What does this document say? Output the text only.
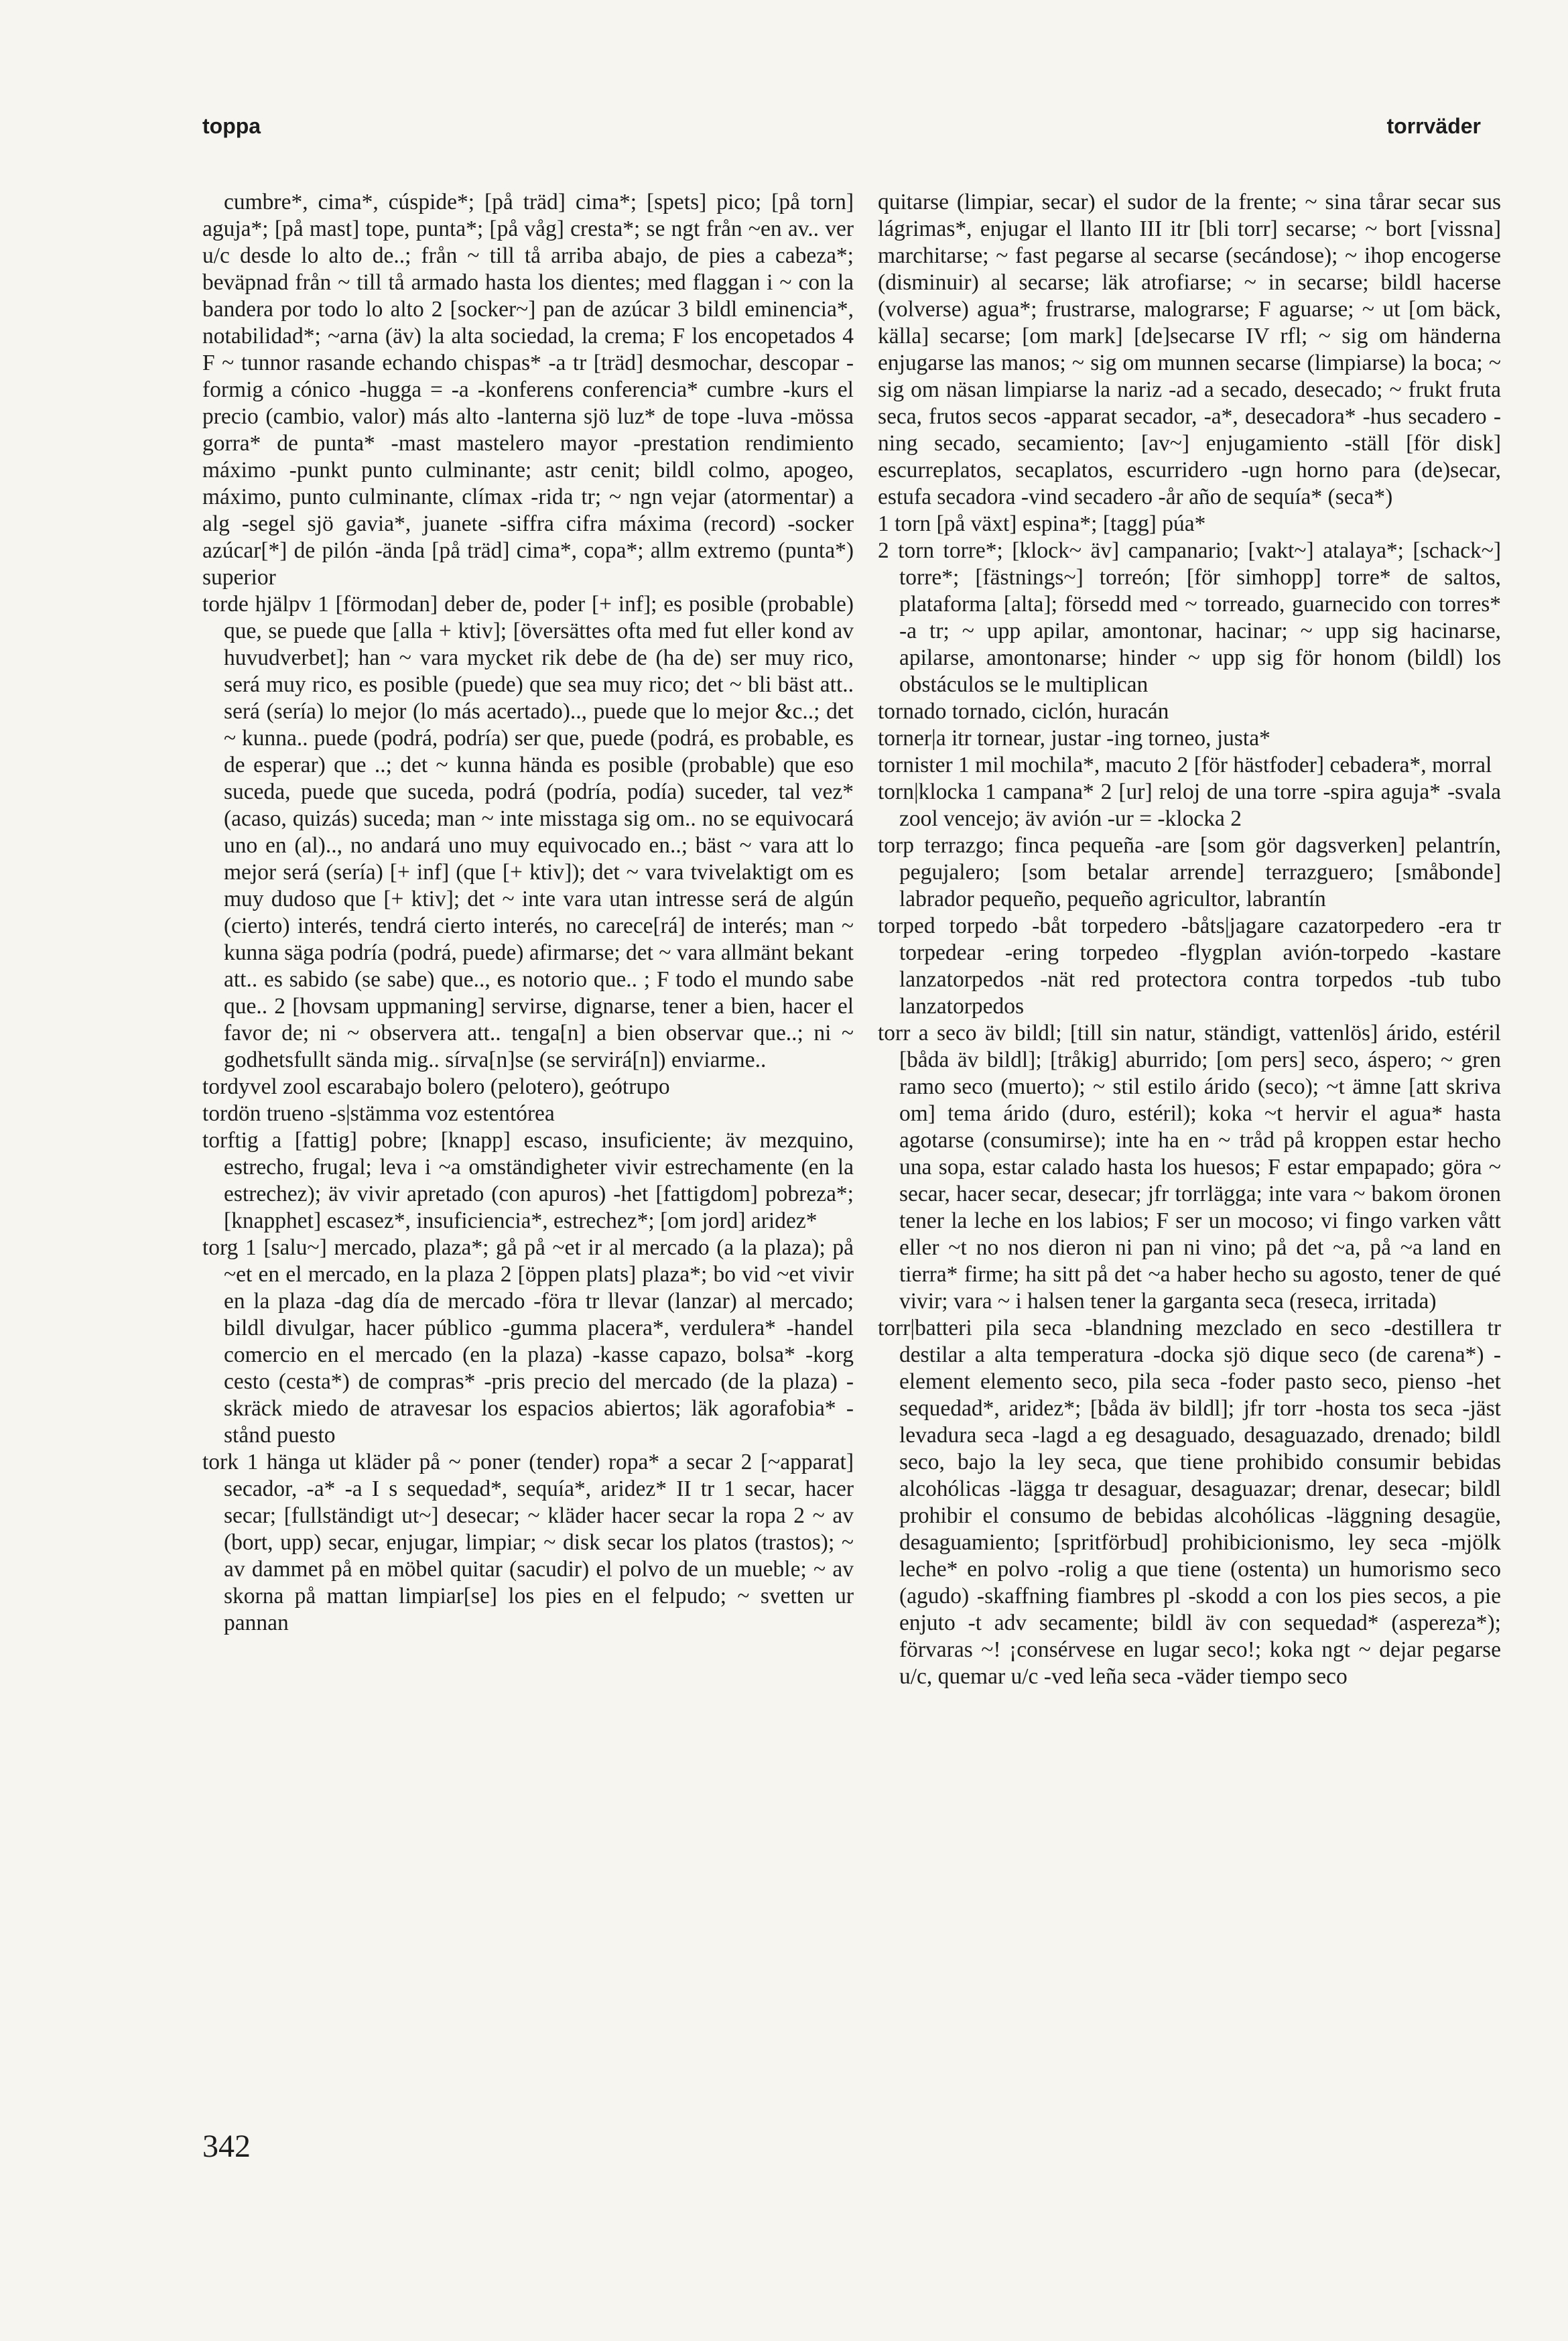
toppa	torrväder

cumbre*, cima*, cúspide*; [på träd] cima*; [spets] pico; [på torn] aguja*; [på mast] tope, punta*; [på våg] cresta*; se ngt från ~en av.. ver u/c desde lo alto de..; från ~ till tå arriba abajo, de pies a cabeza*; beväpnad från ~ till tå armado hasta los dientes; med flaggan i ~ con la bandera por todo lo alto 2 [socker~] pan de azúcar 3 bildl eminencia*, notabilidad*; ~arna (äv) la alta sociedad, la crema; F los encopetados 4 F ~ tunnor rasande echando chispas* -a tr [träd] desmochar, descopar -formig a cónico -hugga = -a -konferens conferencia* cumbre -kurs el precio (cambio, valor) más alto -lanterna sjö luz* de tope -luva -mössa gorra* de punta* -mast mastelero mayor -prestation rendimiento máximo -punkt punto culminante; astr cenit; bildl colmo, apogeo, máximo, punto culminante, clímax -rida tr; ~ ngn vejar (atormentar) a alg -segel sjö gavia*, juanete -siffra cifra máxima (record) -socker azúcar[*] de pilón -ända [på träd] cima*, copa*; allm extremo (punta*) superior

torde hjälpv 1 [förmodan] deber de, poder [+ inf]; es posible (probable) que, se puede que [alla + ktiv]; [översättes ofta med fut eller kond av huvudverbet]; han ~ vara mycket rik debe de (ha de) ser muy rico, será muy rico, es posible (puede) que sea muy rico; det ~ bli bäst att.. será (sería) lo mejor (lo más acertado).., puede que lo mejor &c..; det ~ kunna.. puede (podrá, podría) ser que, puede (podrá, es probable, es de esperar) que ..; det ~ kunna hända es posible (probable) que eso suceda, puede que suceda, podrá (podría, podía) suceder, tal vez* (acaso, quizás) suceda; man ~ inte misstaga sig om.. no se equivocará uno en (al).., no andará uno muy equivocado en..; bäst ~ vara att lo mejor será (sería) [+ inf] (que [+ ktiv]); det ~ vara tvivelaktigt om es muy dudoso que [+ ktiv]; det ~ inte vara utan intresse será de algún (cierto) interés, tendrá cierto interés, no carece[rá] de interés; man ~ kunna säga podría (podrá, puede) afirmarse; det ~ vara allmänt bekant att.. es sabido (se sabe) que.., es notorio que.. ; F todo el mundo sabe que.. 2 [hovsam uppmaning] servirse, dignarse, tener a bien, hacer el favor de; ni ~ observera att.. tenga[n] a bien observar que..; ni ~ godhetsfullt sända mig.. sírva[n]se (se servirá[n]) enviarme..

tordyvel zool escarabajo bolero (pelotero), geótrupo

tordön trueno -s|stämma voz estentórea

torftig a [fattig] pobre; [knapp] escaso, insuficiente; äv mezquino, estrecho, frugal; leva i ~a omständigheter vivir estrechamente (en la estrechez); äv vivir apretado (con apuros) -het [fattigdom] pobreza*; [knapphet] escasez*, insuficiencia*, estrechez*; [om jord] aridez*

torg 1 [salu~] mercado, plaza*; gå på ~et ir al mercado (a la plaza); på ~et en el mercado, en la plaza 2 [öppen plats] plaza*; bo vid ~et vivir en la plaza -dag día de mercado -föra tr llevar (lanzar) al mercado; bildl divulgar, hacer público -gumma placera*, verdulera* -handel comercio en el mercado (en la plaza) -kasse capazo, bolsa* -korg cesto (cesta*) de compras* -pris precio del mercado (de la plaza) -skräck miedo de atravesar los espacios abiertos; läk agorafobia* -stånd puesto

tork 1 hänga ut kläder på ~ poner (tender) ropa* a secar 2 [~apparat] secador, -a* -a I s sequedad*, sequía*, aridez* II tr 1 secar, hacer secar; [fullständigt ut~] desecar; ~ kläder hacer secar la ropa 2 ~ av (bort, upp) secar, enjugar, limpiar; ~ disk secar los platos (trastos); ~ av dammet på en möbel quitar (sacudir) el polvo de un mueble; ~ av skorna på mattan limpiar[se] los pies en el felpudo; ~ svetten ur pannan

quitarse (limpiar, secar) el sudor de la frente; ~ sina tårar secar sus lágrimas*, enjugar el llanto III itr [bli torr] secarse; ~ bort [vissna] marchitarse; ~ fast pegarse al secarse (secándose); ~ ihop encogerse (disminuir) al secarse; läk atrofiarse; ~ in secarse; bildl hacerse (volverse) agua*; frustrarse, malograrse; F aguarse; ~ ut [om bäck, källa] secarse; [om mark] [de]secarse IV rfl; ~ sig om händerna enjugarse las manos; ~ sig om munnen secarse (limpiarse) la boca; ~ sig om näsan limpiarse la nariz -ad a secado, desecado; ~ frukt fruta seca, frutos secos -apparat secador, -a*, desecadora* -hus secadero -ning secado, secamiento; [av~] enjugamiento -ställ [för disk] escurreplatos, secaplatos, escurridero -ugn horno para (de)secar, estufa secadora -vind secadero -år año de sequía* (seca*)

1 torn [på växt] espina*; [tagg] púa*

2 torn torre*; [klock~ äv] campanario; [vakt~] atalaya*; [schack~] torre*; [fästnings~] torreón; [för simhopp] torre* de saltos, plataforma [alta]; försedd med ~ torreado, guarnecido con torres* -a tr; ~ upp apilar, amontonar, hacinar; ~ upp sig hacinarse, apilarse, amontonarse; hinder ~ upp sig för honom (bildl) los obstáculos se le multiplican

tornado tornado, ciclón, huracán

torner|a itr tornear, justar -ing torneo, justa*

tornister 1 mil mochila*, macuto 2 [för hästfoder] cebadera*, morral

torn|klocka 1 campana* 2 [ur] reloj de una torre -spira aguja* -svala zool vencejo; äv avión -ur = -klocka 2

torp terrazgo; finca pequeña -are [som gör dagsverken] pelantrín, pegujalero; [som betalar arrende] terrazguero; [småbonde] labrador pequeño, pequeño agricultor, labrantín

torped torpedo -båt torpedero -båts|jagare cazatorpedero -era tr torpedear -ering torpedeo -flygplan avión-torpedo -kastare lanzatorpedos -nät red protectora contra torpedos -tub tubo lanzatorpedos

torr a seco äv bildl; [till sin natur, ständigt, vattenlös] árido, estéril [båda äv bildl]; [tråkig] aburrido; [om pers] seco, áspero; ~ gren ramo seco (muerto); ~ stil estilo árido (seco); ~t ämne [att skriva om] tema árido (duro, estéril); koka ~t hervir el agua* hasta agotarse (consumirse); inte ha en ~ tråd på kroppen estar hecho una sopa, estar calado hasta los huesos; F estar empapado; göra ~ secar, hacer secar, desecar; jfr torrlägga; inte vara ~ bakom öronen tener la leche en los labios; F ser un mocoso; vi fingo varken vått eller ~t no nos dieron ni pan ni vino; på det ~a, på ~a land en tierra* firme; ha sitt på det ~a haber hecho su agosto, tener de qué vivir; vara ~ i halsen tener la garganta seca (reseca, irritada)

torr|batteri pila seca -blandning mezclado en seco -destillera tr destilar a alta temperatura -docka sjö dique seco (de carena*) -element elemento seco, pila seca -foder pasto seco, pienso -het sequedad*, aridez*; [båda äv bildl]; jfr torr -hosta tos seca -jäst levadura seca -lagd a eg desaguado, desaguazado, drenado; bildl seco, bajo la ley seca, que tiene prohibido consumir bebidas alcohólicas -lägga tr desaguar, desaguazar; drenar, desecar; bildl prohibir el consumo de bebidas alcohólicas -läggning desagüe, desaguamiento; [spritförbud] prohibicionismo, ley seca -mjölk leche* en polvo -rolig a que tiene (ostenta) un humorismo seco (agudo) -skaffning fiambres pl -skodd a con los pies secos, a pie enjuto -t adv secamente; bildl äv con sequedad* (aspereza*); förvaras ~! ¡consérvese en lugar seco!; koka ngt ~ dejar pegarse u/c, quemar u/c -ved leña seca -väder tiempo seco

342
